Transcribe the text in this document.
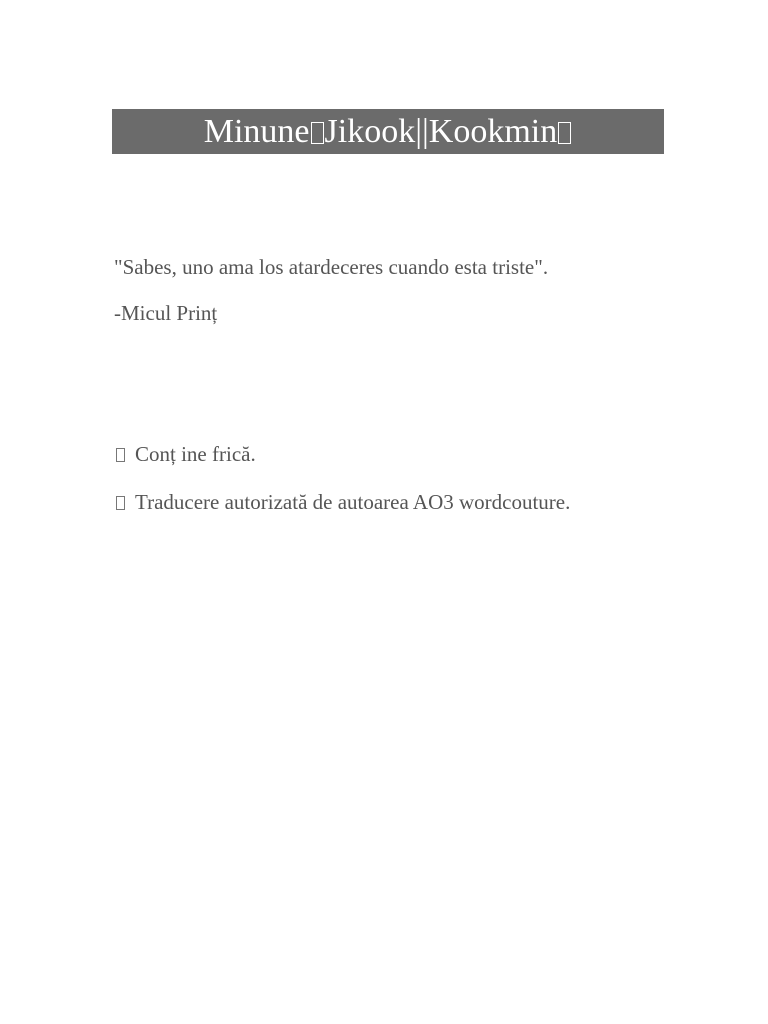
Minune Jikook||Kookmin
"Sabes, uno ama los atardeceres cuando esta triste".
-Micul Prinț
Conț ine frică.
Traducere autorizată de autoarea AO3 wordcouture.
